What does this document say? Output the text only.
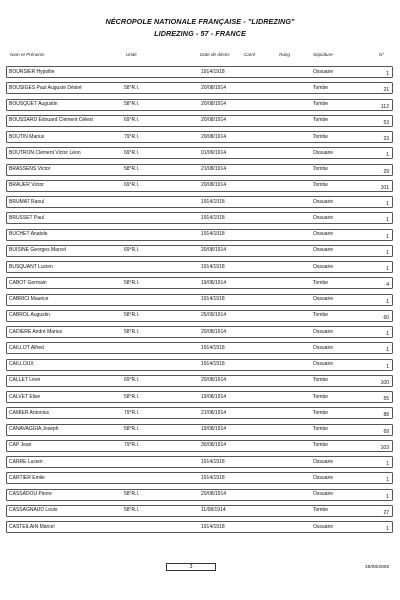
NÉCROPOLE NATIONALE FRANÇAISE - "LIDREZING"
LIDREZING - 57 - FRANCE
Nom et Prénoms	Unité	Date de décès	Carré	Rang	Sépulture	N°
BOURSIER Hypolite	1914/1918	Ossuaire	1
BOUSIGES Paul Auguste Désiré	58°R.I.	20/08/1914	Tombe	21
BOUSQUET Augustin	58°R.I.	20/08/1914	Tombe	112
BOUSSARD Edouard Clément Célest	69°R.I.	20/08/1914	Tombe	53
BOUTIN Marius	79°R.I.	20/08/1914	Tombe	23
BOUTRON Clément Victor Léon	69°R.I.	01/09/1914	Ossuaire	1
BRASSENS Victor	58°R.I.	21/08/1914	Tombe	29
BRAUER Victor	69°R.I.	20/08/1914	Tombe	101
BRUMAT Raoul	1914/1918	Ossuaire	1
BRUSSET Paul	1914/1918	Ossuaire	1
BUCHET Anatole	1914/1918	Ossuaire	1
BUISINE Georges Marcel	69°R.I.	20/08/1914	Ossuaire	1
BUSQUANT Lucien	1914/1918	Ossuaire	1
CABOT Germain	58°R.I.	19/08/1914	Tombe	4
CABRICI Maurice	1914/1918	Ossuaire	1
CABROL Augustin	58°R.I.	25/09/1914	Tombe	60
CADIERE André Marius	58°R.I.	20/08/1914	Ossuaire	1
CAILLOT Alfred	1914/1918	Ossuaire	1
CAILLOUX	1914/1918	Ossuaire	1
CALLET Léon	69°R.I.	20/08/1914	Tombe	100
CALVET Elise	58°R.I.	19/08/1914	Tombe	55
CAMIER Antonius	79°R.I.	21/08/1914	Tombe	88
CANAVAGGIA Joseph	58°R.I.	19/08/1914	Tombe	69
CAP Jean	79°R.I.	30/08/1914	Tombe	103
CARRE Lucien	1914/1918	Ossuaire	1
CARTIER Emile	1914/1918	Ossuaire	1
CASSADOU Pierre	58°R.I.	20/08/1914	Ossuaire	1
CASSAGNAUD Louis	58°R.I.	11/08/1914	Tombe	27
CASTEILAIN Marcel	1914/1918	Ossuaire	1
3	28/08/2008
